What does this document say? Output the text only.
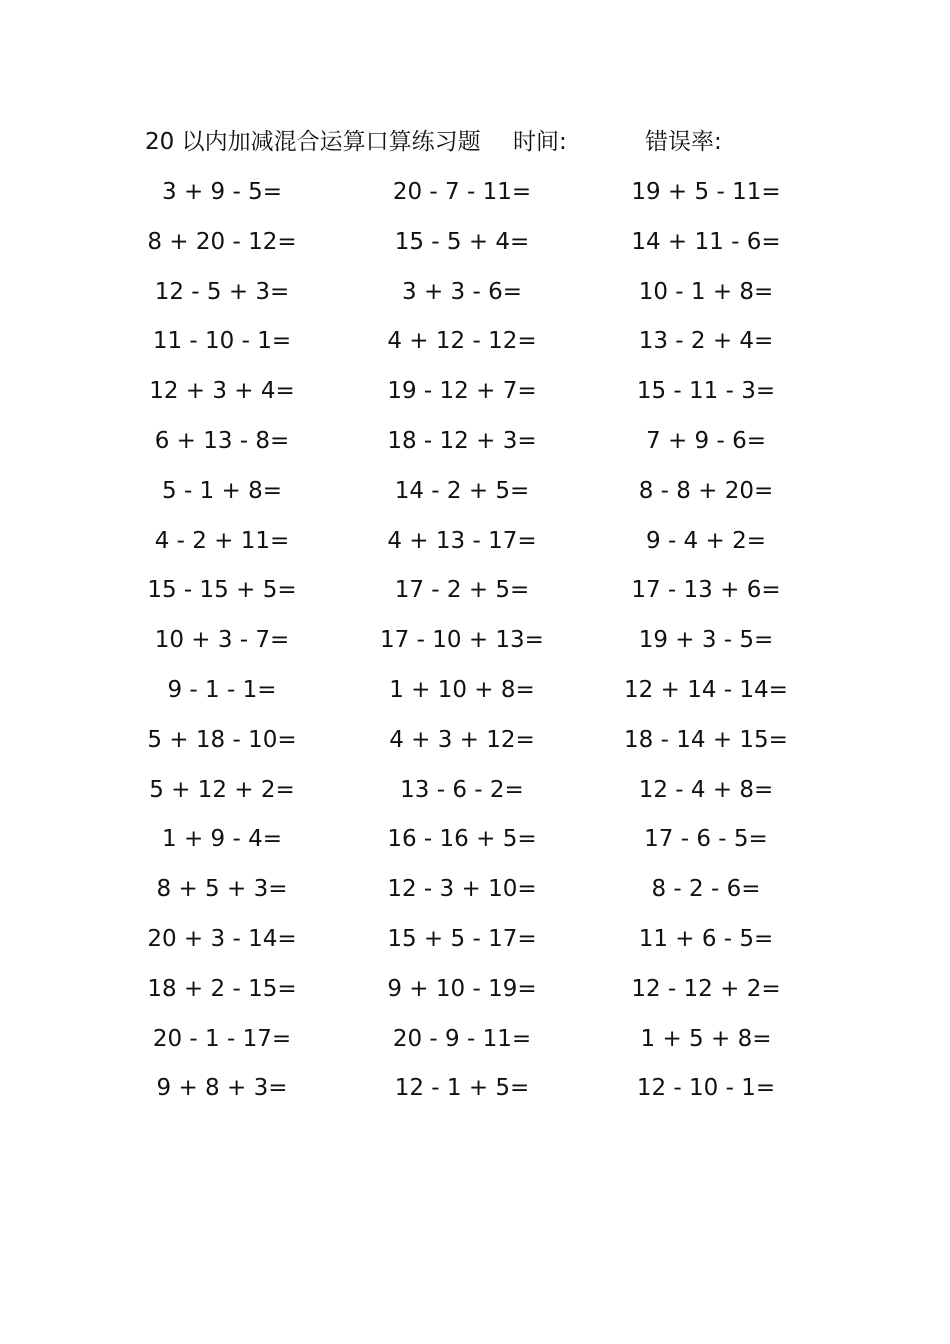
20 以内加减混合运算口算练习题 时间:	错误率:
3 + 9 - 5=	20 - 7 - 11=	19 + 5 - 11=
8 + 20 - 12=	15 - 5 + 4=	14 + 11 - 6=
12 - 5 + 3=	3 + 3 - 6=	10 - 1 + 8=
11 - 10 - 1=	4 + 12 - 12=	13 - 2 + 4=
12 + 3 + 4=	19 - 12 + 7=	15 - 11 - 3=
6 + 13 - 8=	18 - 12 + 3=	7 + 9 - 6=
5 - 1 + 8=	14 - 2 + 5=	8 - 8 + 20=
4 - 2 + 11=	4 + 13 - 17=	9 - 4 + 2=
15 - 15 + 5=	17 - 2 + 5=	17 - 13 + 6=
10 + 3 - 7=	17 - 10 + 13=	19 + 3 - 5=
9 - 1 - 1=	1 + 10 + 8=	12 + 14 - 14=
5 + 18 - 10=	4 + 3 + 12=	18 - 14 + 15=
5 + 12 + 2=	13 - 6 - 2=	12 - 4 + 8=
1 + 9 - 4=	16 - 16 + 5=	17 - 6 - 5=
8 + 5 + 3=	12 - 3 + 10=	8 - 2 - 6=
20 + 3 - 14=	15 + 5 - 17=	11 + 6 - 5=
18 + 2 - 15=	9 + 10 - 19=	12 - 12 + 2=
20 - 1 - 17=	20 - 9 - 11=	1 + 5 + 8=
9 + 8 + 3=	12 - 1 + 5=	12 - 10 - 1=
